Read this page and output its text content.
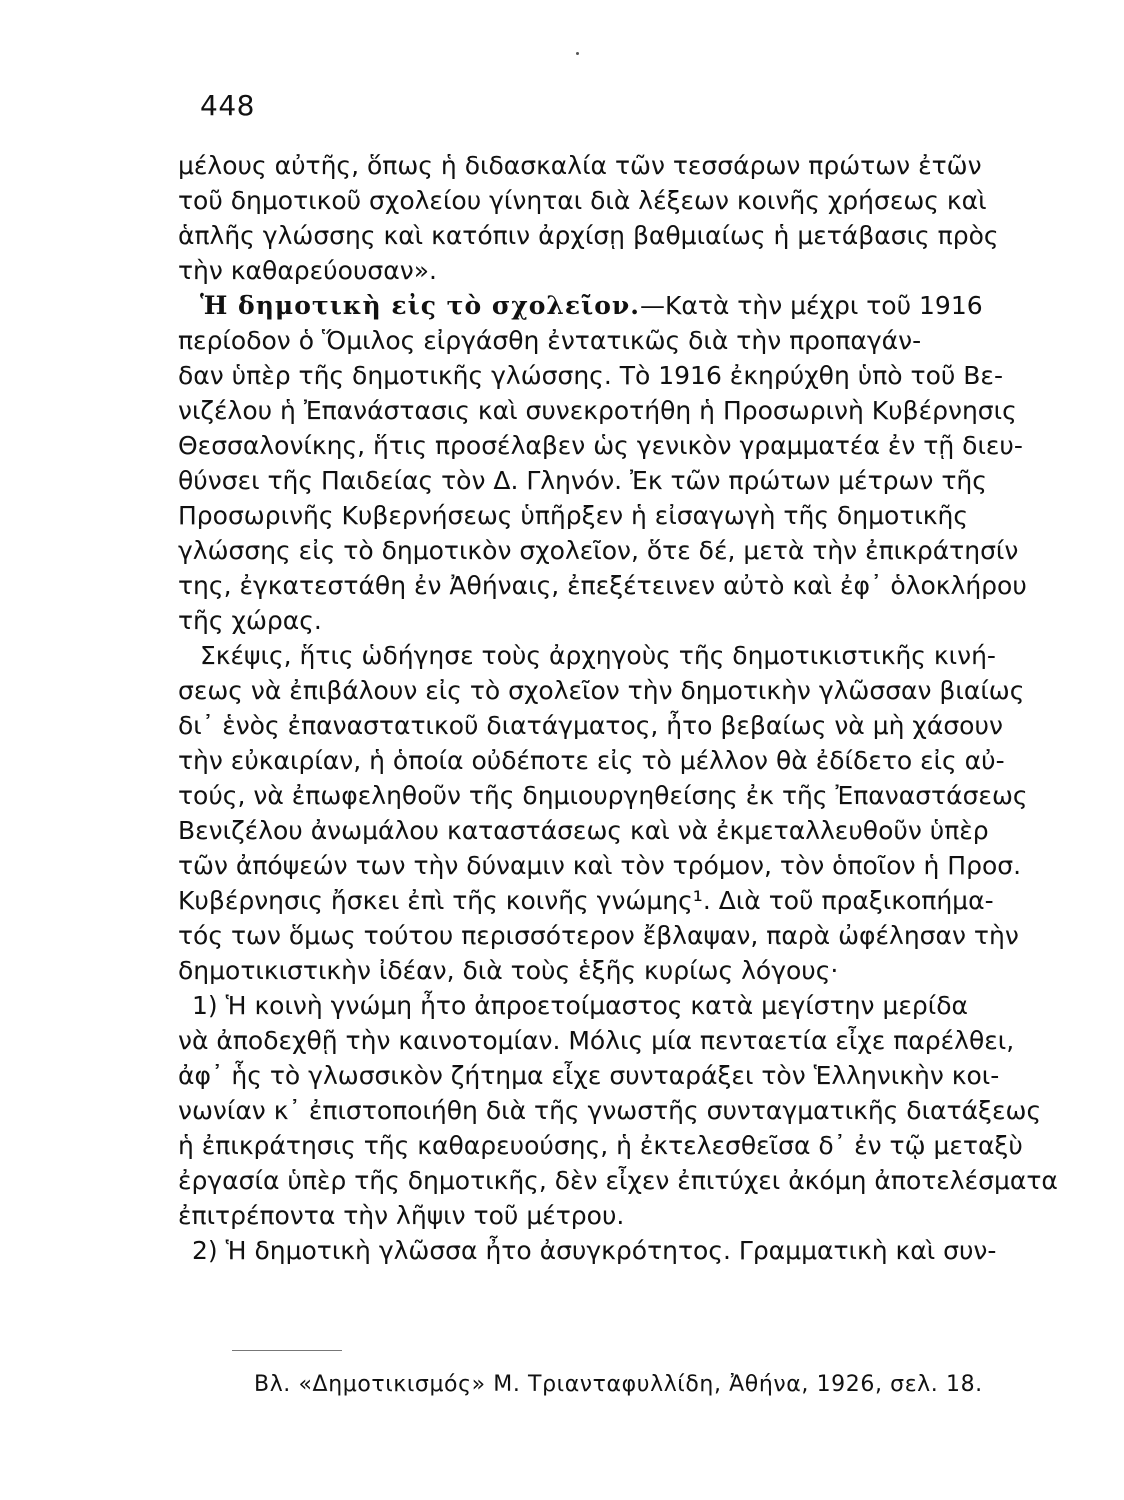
448
μέλους αὐτῆς, ὅπως ἡ διδασκαλία τῶν τεσσάρων πρώτων ἐτῶν
τοῦ δημοτικοῦ σχολείου γίνηται διὰ λέξεων κοινῆς χρήσεως καὶ
ἁπλῆς γλώσσης καὶ κατόπιν ἀρχίσῃ βαθμιαίως ἡ μετάβασις πρὸς
τὴν καθαρεύουσαν».
Ἡ δημοτικὴ εἰς τὸ σχολεῖον.—Κατὰ τὴν μέχρι τοῦ 1916
περίοδον ὁ Ὅμιλος εἰργάσθη ἐντατικῶς διὰ τὴν προπαγάν-
δαν ὑπὲρ τῆς δημοτικῆς γλώσσης. Τὸ 1916 ἐκηρύχθη ὑπὸ τοῦ Βε-
νιζέλου ἡ Ἐπανάστασις καὶ συνεκροτήθη ἡ Προσωρινὴ Κυβέρνησις
Θεσσαλονίκης, ἥτις προσέλαβεν ὡς γενικὸν γραμματέα ἐν τῇ διευ-
θύνσει τῆς Παιδείας τὸν Δ. Γληνόν. Ἐκ τῶν πρώτων μέτρων τῆς
Προσωρινῆς Κυβερνήσεως ὑπῆρξεν ἡ εἰσαγωγὴ τῆς δημοτικῆς
γλώσσης εἰς τὸ δημοτικὸν σχολεῖον, ὅτε δέ, μετὰ τὴν ἐπικράτησίν
της, ἐγκατεστάθη ἐν Ἀθήναις, ἐπεξέτεινεν αὐτὸ καὶ ἐφ᾽ ὁλοκλήρου
τῆς χώρας.
Σκέψις, ἥτις ὡδήγησε τοὺς ἀρχηγοὺς τῆς δημοτικιστικῆς κινή-
σεως νὰ ἐπιβάλουν εἰς τὸ σχολεῖον τὴν δημοτικὴν γλῶσσαν βιαίως
δι᾽ ἑνὸς ἐπαναστατικοῦ διατάγματος, ἦτο βεβαίως νὰ μὴ χάσουν
τὴν εὐκαιρίαν, ἡ ὁποία οὐδέποτε εἰς τὸ μέλλον θὰ ἐδίδετο εἰς αὐ-
τούς, νὰ ἐπωφεληθοῦν τῆς δημιουργηθείσης ἐκ τῆς Ἐπαναστάσεως
Βενιζέλου ἀνωμάλου καταστάσεως καὶ νὰ ἐκμεταλλευθοῦν ὑπὲρ
τῶν ἀπόψεών των τὴν δύναμιν καὶ τὸν τρόμον, τὸν ὁποῖον ἡ Προσ.
Κυβέρνησις ἤσκει ἐπὶ τῆς κοινῆς γνώμης¹. Διὰ τοῦ πραξικοπήμα-
τός των ὅμως τούτου περισσότερον ἔβλαψαν, παρὰ ὠφέλησαν τὴν
δημοτικιστικὴν ἰδέαν, διὰ τοὺς ἑξῆς κυρίως λόγους·
1) Ἡ κοινὴ γνώμη ἦτο ἀπροετοίμαστος κατὰ μεγίστην μερίδα
νὰ ἀποδεχθῇ τὴν καινοτομίαν. Μόλις μία πενταετία εἶχε παρέλθει,
ἀφ᾽ ἧς τὸ γλωσσικὸν ζήτημα εἶχε συνταράξει τὸν Ἑλληνικὴν κοι-
νωνίαν κ᾽ ἐπιστοποιήθη διὰ τῆς γνωστῆς συνταγματικῆς διατάξεως
ἡ ἐπικράτησις τῆς καθαρευούσης, ἡ ἐκτελεσθεῖσα δ᾽ ἐν τῷ μεταξὺ
ἐργασία ὑπὲρ τῆς δημοτικῆς, δὲν εἶχεν ἐπιτύχει ἀκόμη ἀποτελέσματα
ἐπιτρέποντα τὴν λῆψιν τοῦ μέτρου.
2) Ἡ δημοτικὴ γλῶσσα ἦτο ἀσυγκρότητος. Γραμματικὴ καὶ συν-
Βλ. «Δημοτικισμός» Μ. Τριανταφυλλίδη, Ἀθήνα, 1926, σελ. 18.
